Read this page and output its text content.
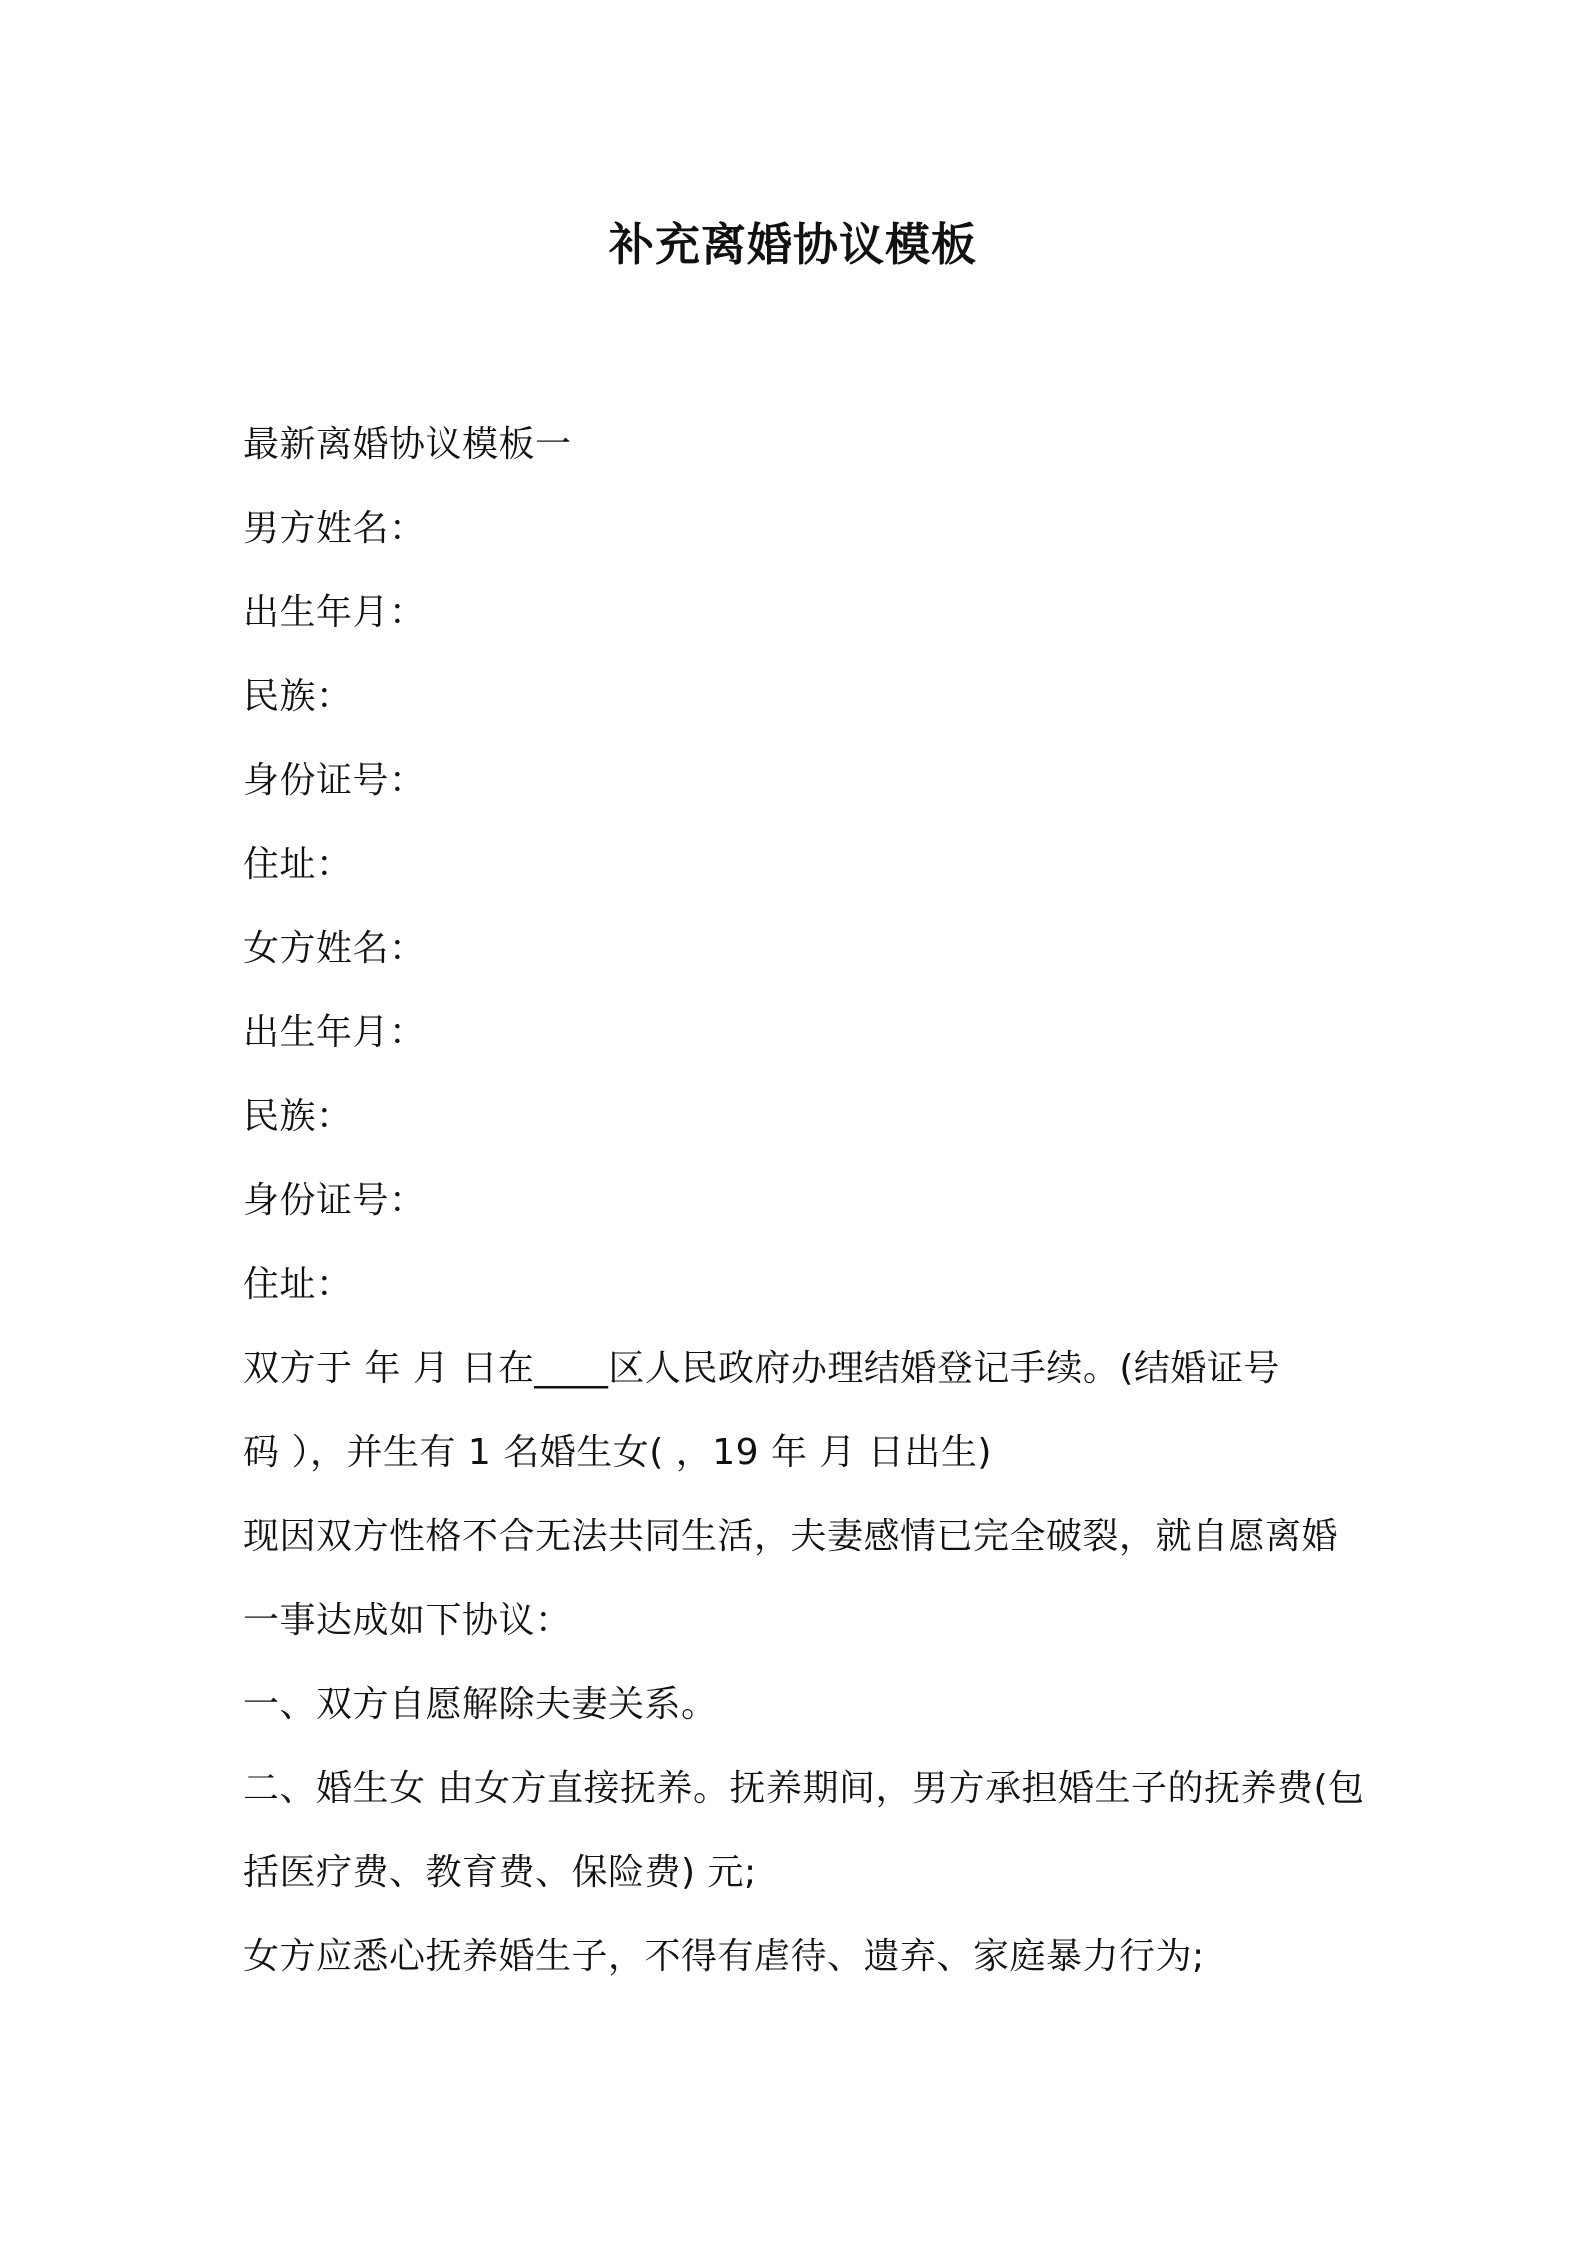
补充离婚协议模板
最新离婚协议模板一
男方姓名：
出生年月：
民族：
身份证号：
住址：
女方姓名：
出生年月：
民族：
身份证号：
住址：
双方于 年 月 日在____区人民政府办理结婚登记手续。(结婚证号
码 ），并生有 1 名婚生女( ，19 年 月 日出生)
现因双方性格不合无法共同生活，夫妻感情已完全破裂，就自愿离婚
一事达成如下协议：
一、双方自愿解除夫妻关系。
二、婚生女 由女方直接抚养。抚养期间，男方承担婚生子的抚养费(包
括医疗费、教育费、保险费) 元;
女方应悉心抚养婚生子，不得有虐待、遗弃、家庭暴力行为;
